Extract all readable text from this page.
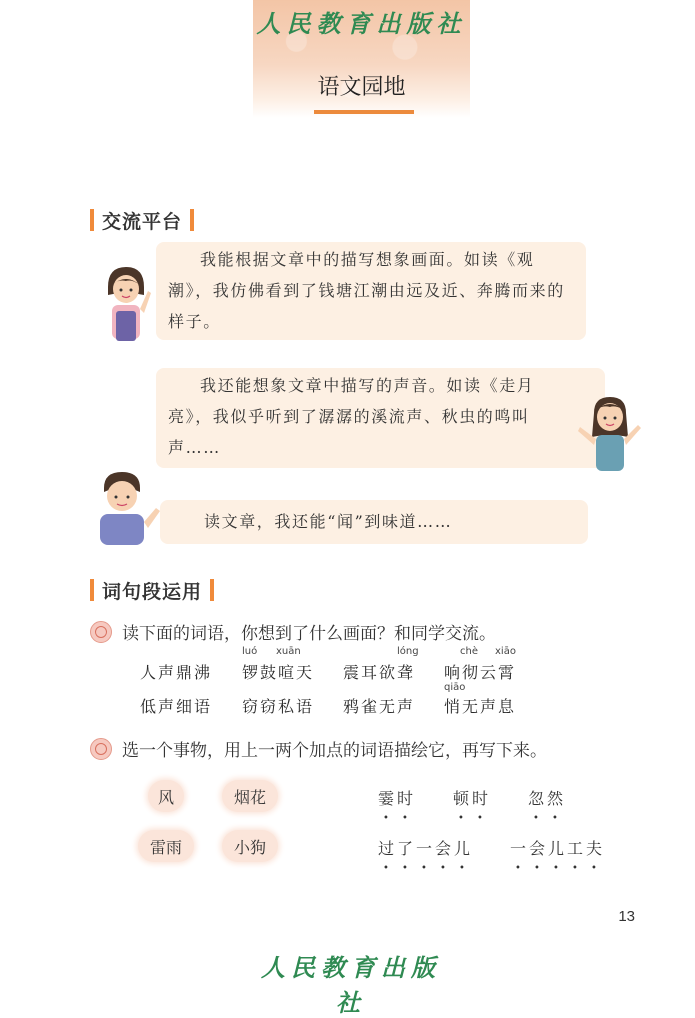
人民教育出版社
语文园地
交流平台

我能根据文章中的描写想象画面。如读《观潮》，我仿佛看到了钱塘江潮由远及近、奔腾而来的样子。

我还能想象文章中描写的声音。如读《走月亮》，我似乎听到了潺潺的溪流声、秋虫的鸣叫声……

读文章，我还能“闻”到味道……

词句段运用
读下面的词语，你想到了什么画面？和同学交流。
luó xuān	lóng	chè xiāo
qiāo
人声鼎沸 锣鼓喧天 震耳欲聋 响彻云霄
低声细语 窃窃私语 鸦雀无声 悄无声息
选一个事物，用上一两个加点的词语描绘它，再写下来。
风	烟花
雷雨	小狗
霎时
• •
顿时
• •
忽然
• •
过了一会儿
• • • • •
一会儿工夫
• • • • •
13
人民教育出版社
